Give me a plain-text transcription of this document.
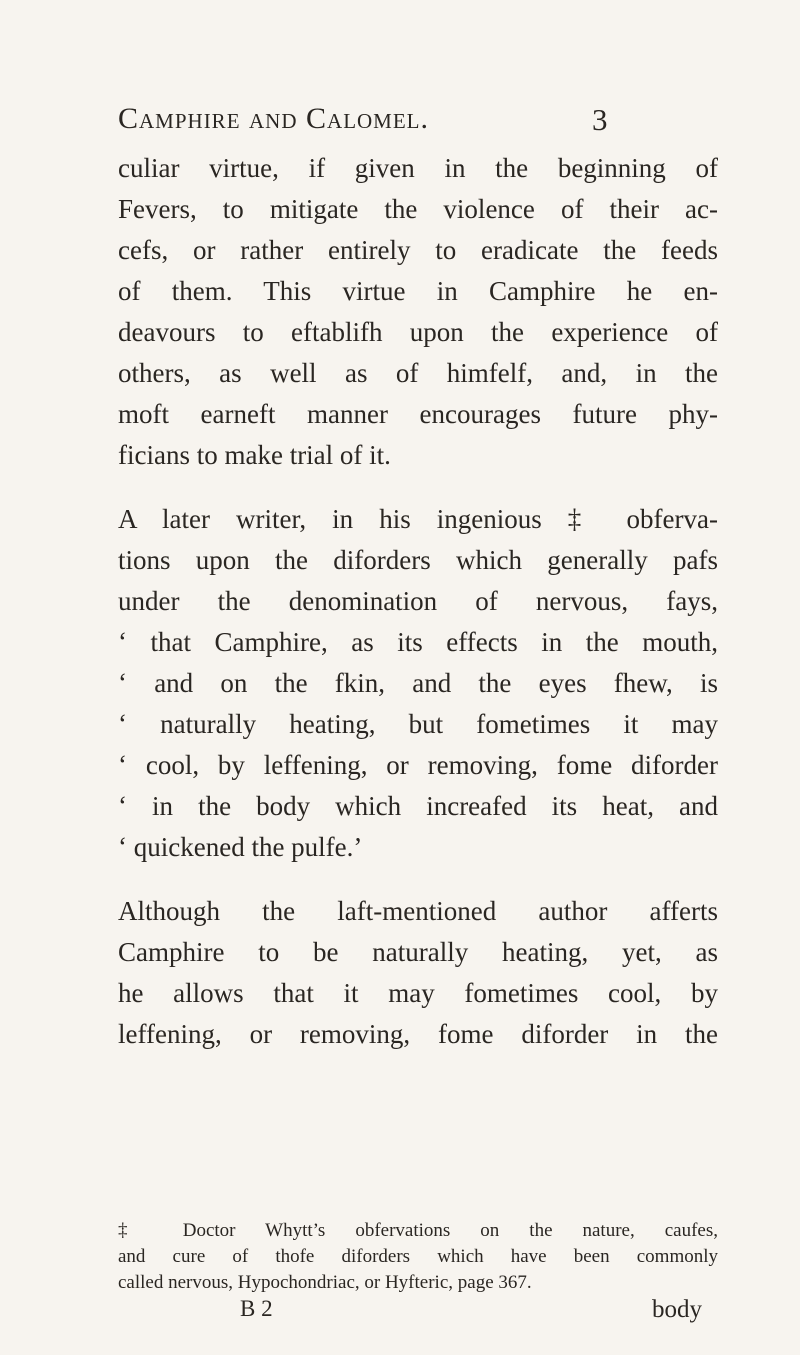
Camphire and Calomel.	3
culiar virtue, if given in the beginning of
Fevers, to mitigate the violence of their ac-
cefs, or rather entirely to eradicate the feeds
of them. This virtue in Camphire he en-
deavours to eftablifh upon the experience of
others, as well as of himfelf, and, in the
moft earneft manner encourages future phy-
ficians to make trial of it.
A later writer, in his ingenious ‡ obferva-
tions upon the diforders which generally pafs
under the denomination of nervous, fays,
‘ that Camphire, as its effects in the mouth,
‘ and on the fkin, and the eyes fhew, is
‘ naturally heating, but fometimes it may
‘ cool, by leffening, or removing, fome diforder
‘ in the body which increafed its heat, and
‘ quickened the pulfe.’
Although the laft-mentioned author afferts
Camphire to be naturally heating, yet, as
he allows that it may fometimes cool, by
leffening, or removing, fome diforder in the
‡ Doctor Whytt’s obfervations on the nature, caufes,
and cure of thofe diforders which have been commonly
called nervous, Hypochondriac, or Hyfteric, page 367.
B 2	body
